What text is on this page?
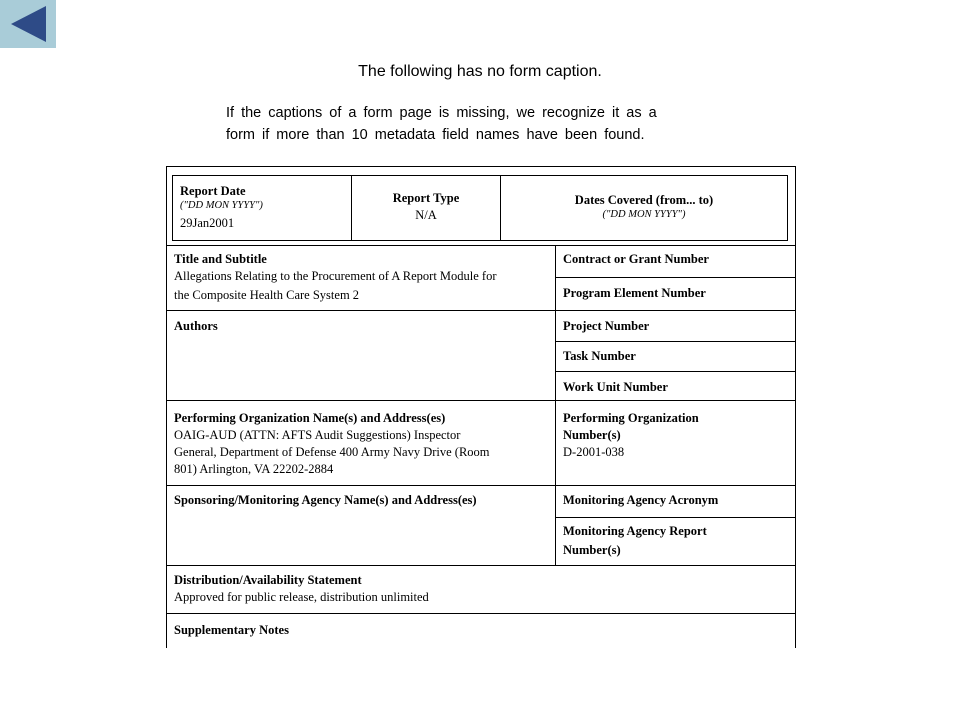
The following has no form caption.
If the captions of a form page is missing, we recognize it as a
form if more than 10 metadata field names have been found.
Report Date
("DD MON YYYY")
29Jan2001
Report Type
N/A
Dates Covered (from... to)
("DD MON YYYY")
Title and Subtitle
Allegations Relating to the Procurement of A Report Module for
the Composite Health Care System 2
Contract or Grant Number
Program Element Number
Authors	Project Number
Task Number
Work Unit Number
Performing Organization Name(s) and Address(es)
OAIG-AUD (ATTN: AFTS Audit Suggestions) Inspector
General, Department of Defense 400 Army Navy Drive (Room
801) Arlington, VA 22202-2884
Performing Organization
Number(s)
D-2001-038
Sponsoring/Monitoring Agency Name(s) and Address(es)	Monitoring Agency Acronym
Monitoring Agency Report
Number(s)
Distribution/Availability Statement
Approved for public release, distribution unlimited
Supplementary Notes
